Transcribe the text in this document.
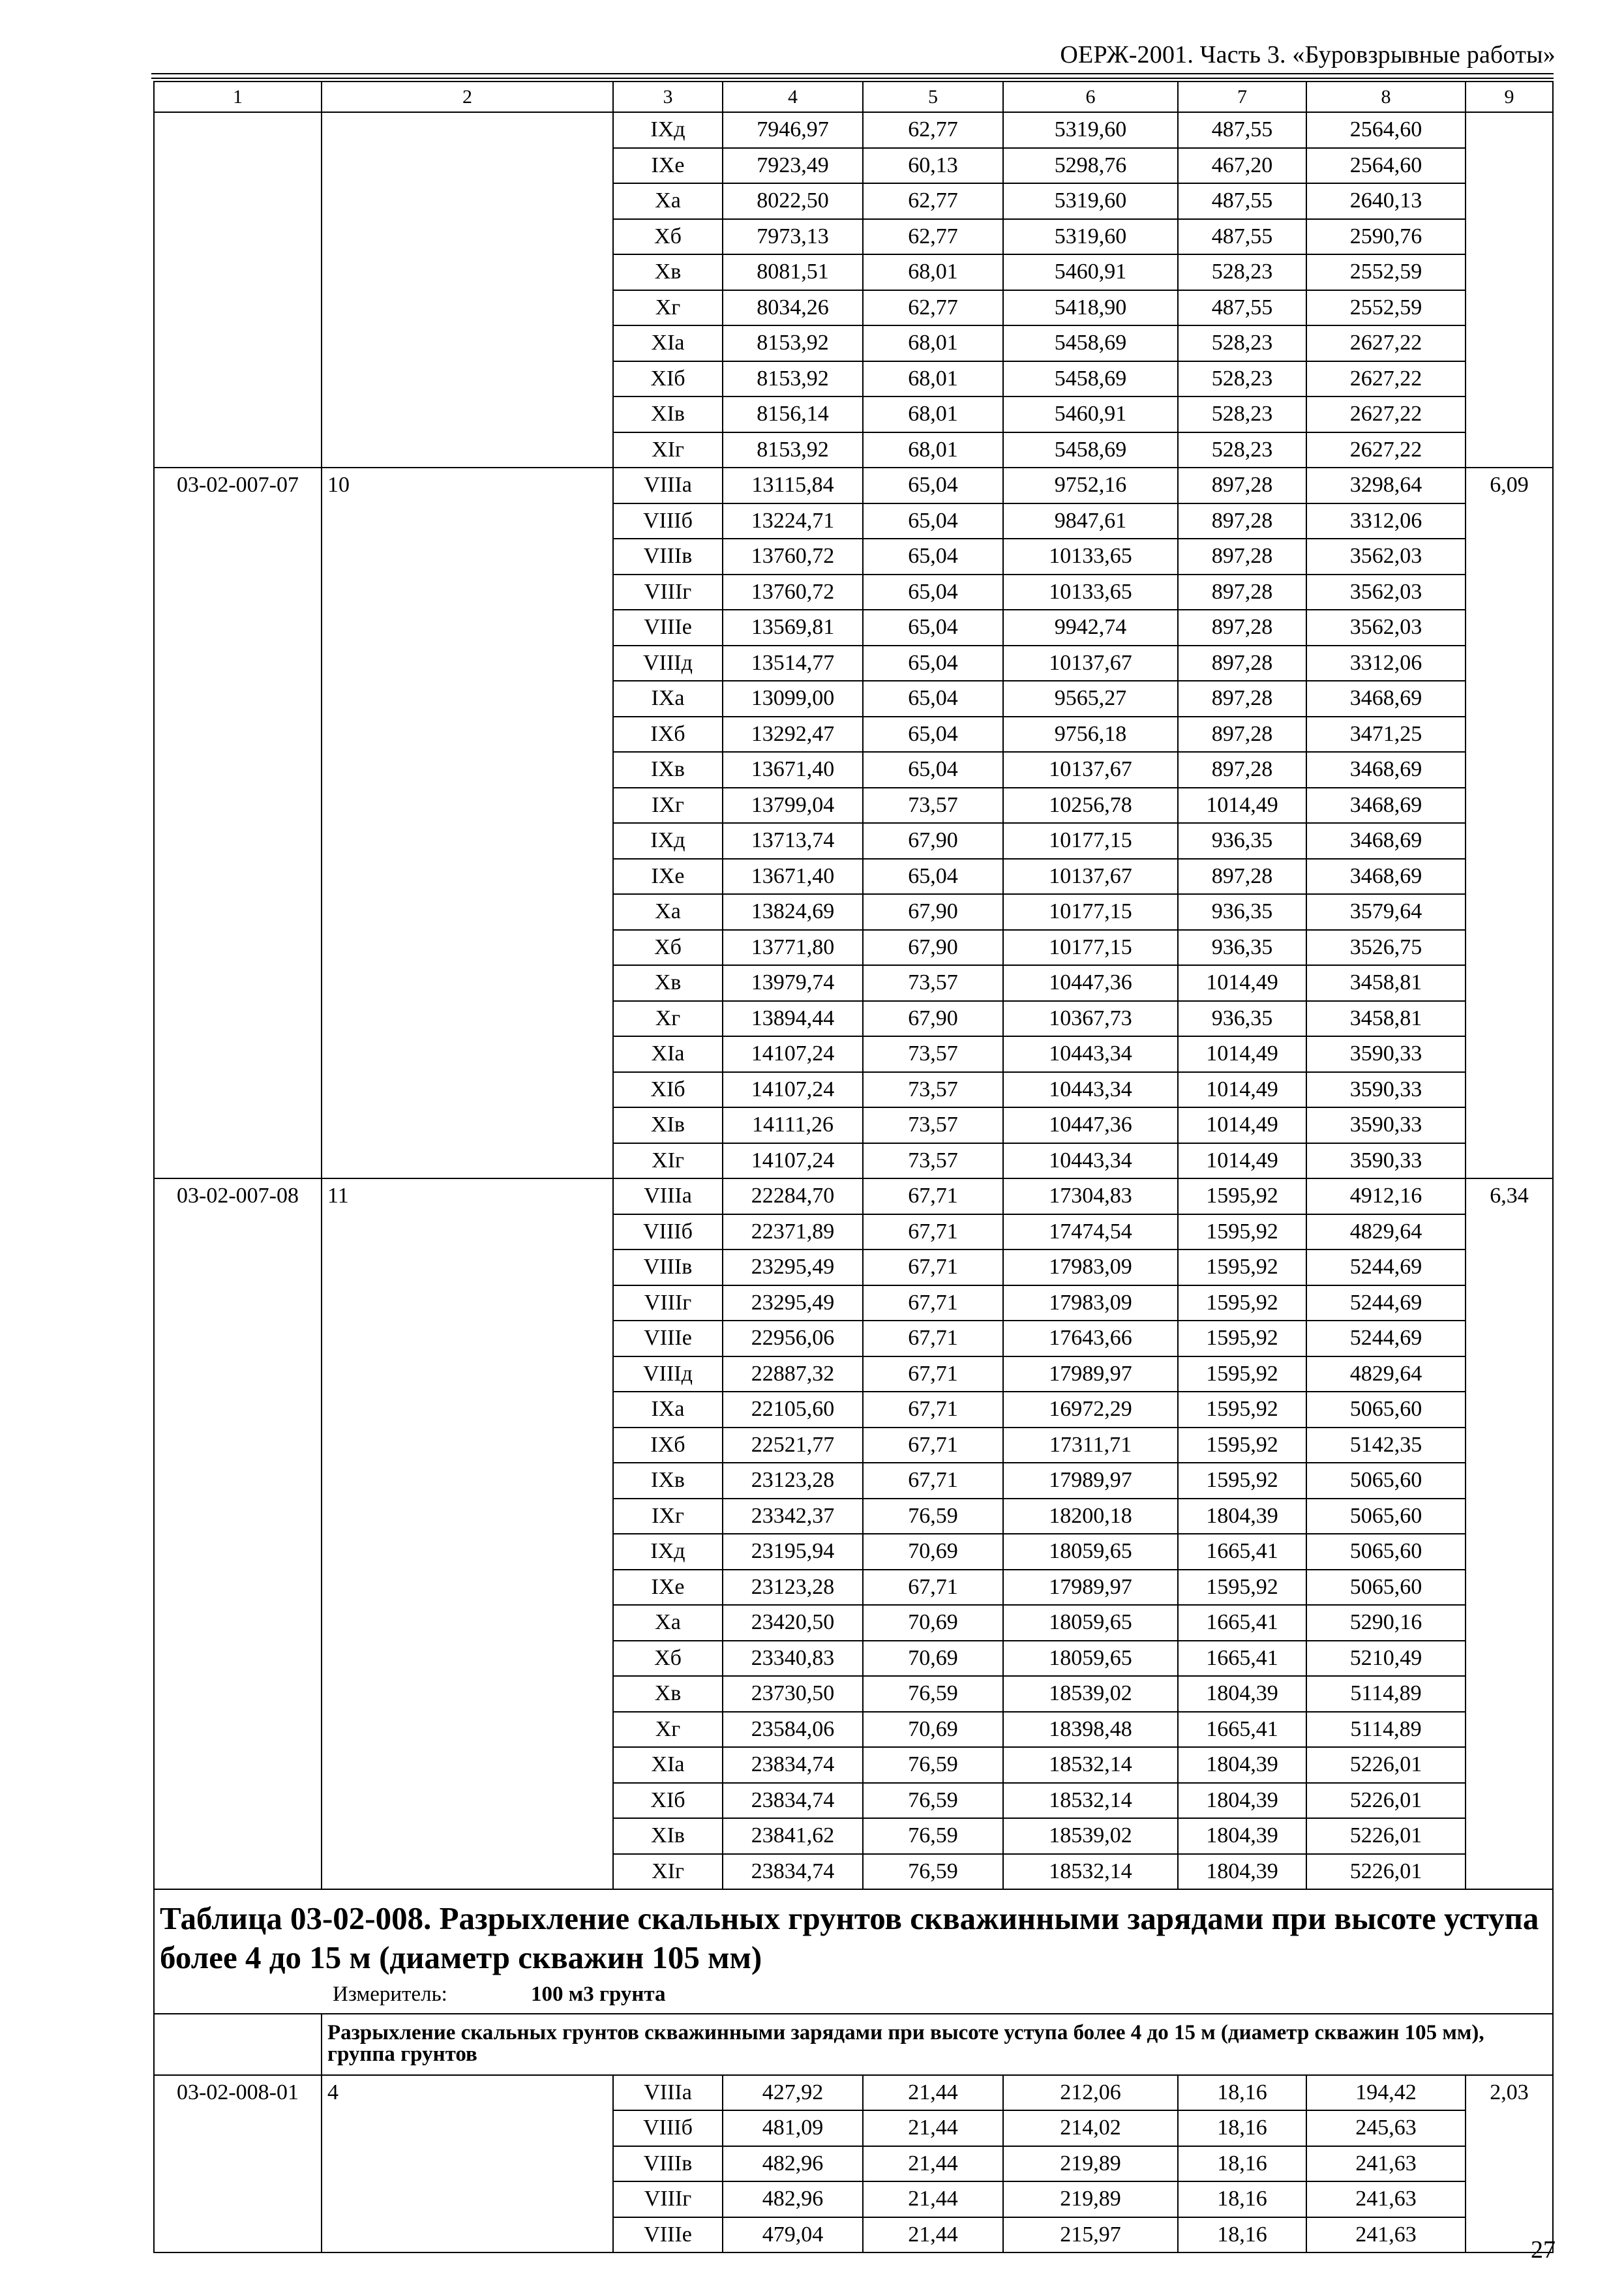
ОЕРЖ-2001. Часть 3. «Буровзрывные работы»
1	2	3	4	5	6	7	8	9
		IXд	7946,97	62,77	5319,60	487,55	2564,60	
		IXе	7923,49	60,13	5298,76	467,20	2564,60	
		Xа	8022,50	62,77	5319,60	487,55	2640,13	
		Xб	7973,13	62,77	5319,60	487,55	2590,76	
		Xв	8081,51	68,01	5460,91	528,23	2552,59	
		Xг	8034,26	62,77	5418,90	487,55	2552,59	
		XIа	8153,92	68,01	5458,69	528,23	2627,22	
		XIб	8153,92	68,01	5458,69	528,23	2627,22	
		XIв	8156,14	68,01	5460,91	528,23	2627,22	
		XIг	8153,92	68,01	5458,69	528,23	2627,22	
03-02-007-07	10	VIIIа	13115,84	65,04	9752,16	897,28	3298,64	6,09
		VIIIб	13224,71	65,04	9847,61	897,28	3312,06	
		VIIIв	13760,72	65,04	10133,65	897,28	3562,03	
		VIIIг	13760,72	65,04	10133,65	897,28	3562,03	
		VIIIе	13569,81	65,04	9942,74	897,28	3562,03	
		VIIIд	13514,77	65,04	10137,67	897,28	3312,06	
		IXа	13099,00	65,04	9565,27	897,28	3468,69	
		IXб	13292,47	65,04	9756,18	897,28	3471,25	
		IXв	13671,40	65,04	10137,67	897,28	3468,69	
		IXг	13799,04	73,57	10256,78	1014,49	3468,69	
		IXд	13713,74	67,90	10177,15	936,35	3468,69	
		IXе	13671,40	65,04	10137,67	897,28	3468,69	
		Xа	13824,69	67,90	10177,15	936,35	3579,64	
		Xб	13771,80	67,90	10177,15	936,35	3526,75	
		Xв	13979,74	73,57	10447,36	1014,49	3458,81	
		Xг	13894,44	67,90	10367,73	936,35	3458,81	
		XIа	14107,24	73,57	10443,34	1014,49	3590,33	
		XIб	14107,24	73,57	10443,34	1014,49	3590,33	
		XIв	14111,26	73,57	10447,36	1014,49	3590,33	
		XIг	14107,24	73,57	10443,34	1014,49	3590,33	
03-02-007-08	11	VIIIа	22284,70	67,71	17304,83	1595,92	4912,16	6,34
		VIIIб	22371,89	67,71	17474,54	1595,92	4829,64	
		VIIIв	23295,49	67,71	17983,09	1595,92	5244,69	
		VIIIг	23295,49	67,71	17983,09	1595,92	5244,69	
		VIIIе	22956,06	67,71	17643,66	1595,92	5244,69	
		VIIIд	22887,32	67,71	17989,97	1595,92	4829,64	
		IXа	22105,60	67,71	16972,29	1595,92	5065,60	
		IXб	22521,77	67,71	17311,71	1595,92	5142,35	
		IXв	23123,28	67,71	17989,97	1595,92	5065,60	
		IXг	23342,37	76,59	18200,18	1804,39	5065,60	
		IXд	23195,94	70,69	18059,65	1665,41	5065,60	
		IXе	23123,28	67,71	17989,97	1595,92	5065,60	
		Xа	23420,50	70,69	18059,65	1665,41	5290,16	
		Xб	23340,83	70,69	18059,65	1665,41	5210,49	
		Xв	23730,50	76,59	18539,02	1804,39	5114,89	
		Xг	23584,06	70,69	18398,48	1665,41	5114,89	
		XIа	23834,74	76,59	18532,14	1804,39	5226,01	
		XIб	23834,74	76,59	18532,14	1804,39	5226,01	
		XIв	23841,62	76,59	18539,02	1804,39	5226,01	
		XIг	23834,74	76,59	18532,14	1804,39	5226,01	

Таблица 03-02-008. Разрыхление скальных грунтов скважинными зарядами при высоте уступа более 4 до 15 м (диаметр скважин 105 мм)
Измеритель: 100 м3 грунта								

	Разрыхление скальных грунтов скважинными зарядами при высоте уступа более 4 до 15 м (диаметр скважин 105 мм), группа грунтов							
03-02-008-01	4	VIIIа	427,92	21,44	212,06	18,16	194,42	2,03
		VIIIб	481,09	21,44	214,02	18,16	245,63	
		VIIIв	482,96	21,44	219,89	18,16	241,63	
		VIIIг	482,96	21,44	219,89	18,16	241,63	
		VIIIе	479,04	21,44	215,97	18,16	241,63	
27
